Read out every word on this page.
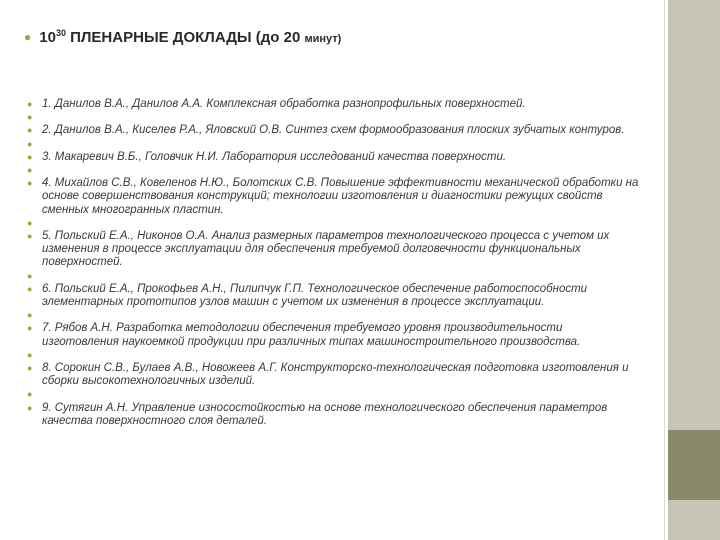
● $10^{30}$ ПЛЕНАРНЫЕ ДОКЛАДЫ (до 20 минут)
● 1. Данилов В.А., Данилов А.А. Комплексная обработка разнопрофильных поверхностей.
●
● 2. Данилов В.А., Киселев Р.А., Яловский О.В. Синтез схем формообразования плоских зубчатых контуров.
●
● 3. Макаревич В.Б., Головчик Н.И. Лаборатория исследований качества поверхности.
●
● 4. Михайлов С.В., Ковеленов Н.Ю., Болотских С.В. Повышение эффективности механической обработки на основе совершенствования конструкций; технологии изготовления и диагностики режущих свойств сменных многогранных пластин.
●
● 5. Польский Е.А., Никонов О.А. Анализ размерных параметров технологического процесса с учетом их изменения в процессе эксплуатации для обеспечения требуемой долговечности функциональных поверхностей.
●
● 6. Польский Е.А., Прокофьев А.Н., Пилипчук Г.П. Технологическое обеспечение работоспособности элементарных прототипов узлов машин с учетом их изменения в процессе эксплуатации.
●
● 7. Рябов А.Н. Разработка методологии обеспечения требуемого уровня производительности изготовления наукоемкой продукции при различных типах машиностроительного производства.
●
● 8. Сорокин С.В., Булаев А.В., Новожеев А.Г. Конструкторско-технологическая подготовка изготовления и сборки высокотехнологичных изделий.
●
● 9. Сутягин А.Н. Управление износостойкостью на основе технологического обеспечения параметров качества поверхностного слоя деталей.
